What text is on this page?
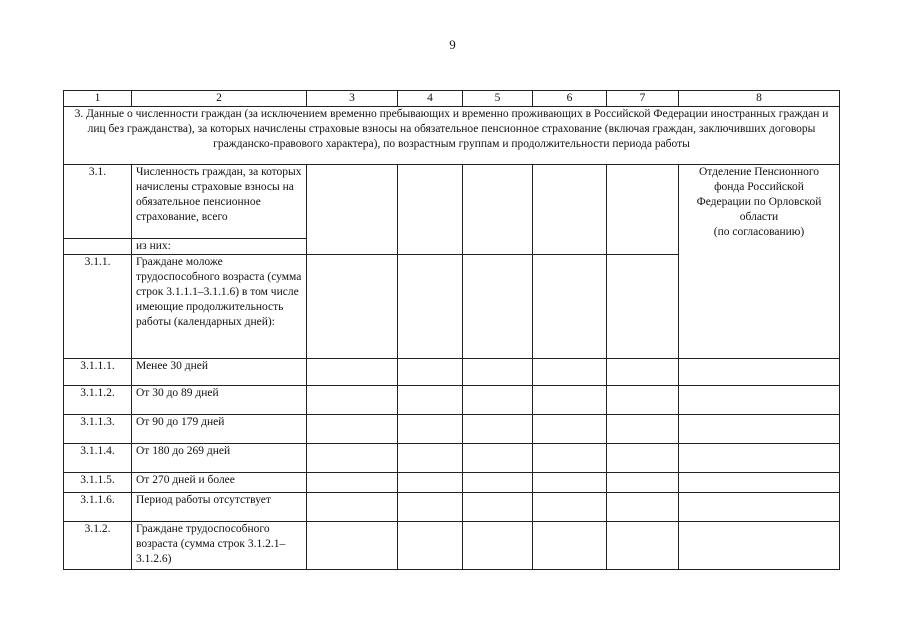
9
1	2	3	4	5	6	7	8
3. Данные о численности граждан (за исключением временно пребывающих и временно проживающих в Российской Федерации иностранных граждан и лиц без гражданства), за которых начислены страховые взносы на обязательное пенсионное страхование (включая граждан, заключивших договоры гражданско-правового характера), по возрастным группам и продолжительности периода работы							
3.1.	Численность граждан, за которых начислены страховые взносы на обязательное пенсионное страхование, всего						Отделение Пенсионного
фонда Российской
Федерации по Орловской
области
(по согласованию)

	из них:						
3.1.1.	Граждане моложе трудоспособного возраста (сумма строк 3.1.1.1–3.1.1.6) в том числе имеющие продолжительность работы (календарных дней):						
3.1.1.1.	Менее 30 дней						
3.1.1.2.	От 30 до 89 дней						
3.1.1.3.	От 90 до 179 дней						
3.1.1.4.	От 180 до 269 дней						
3.1.1.5.	От 270 дней и более						
3.1.1.6.	Период работы отсутствует						
3.1.2.	Граждане трудоспособного возраста (сумма строк 3.1.2.1–3.1.2.6)						
